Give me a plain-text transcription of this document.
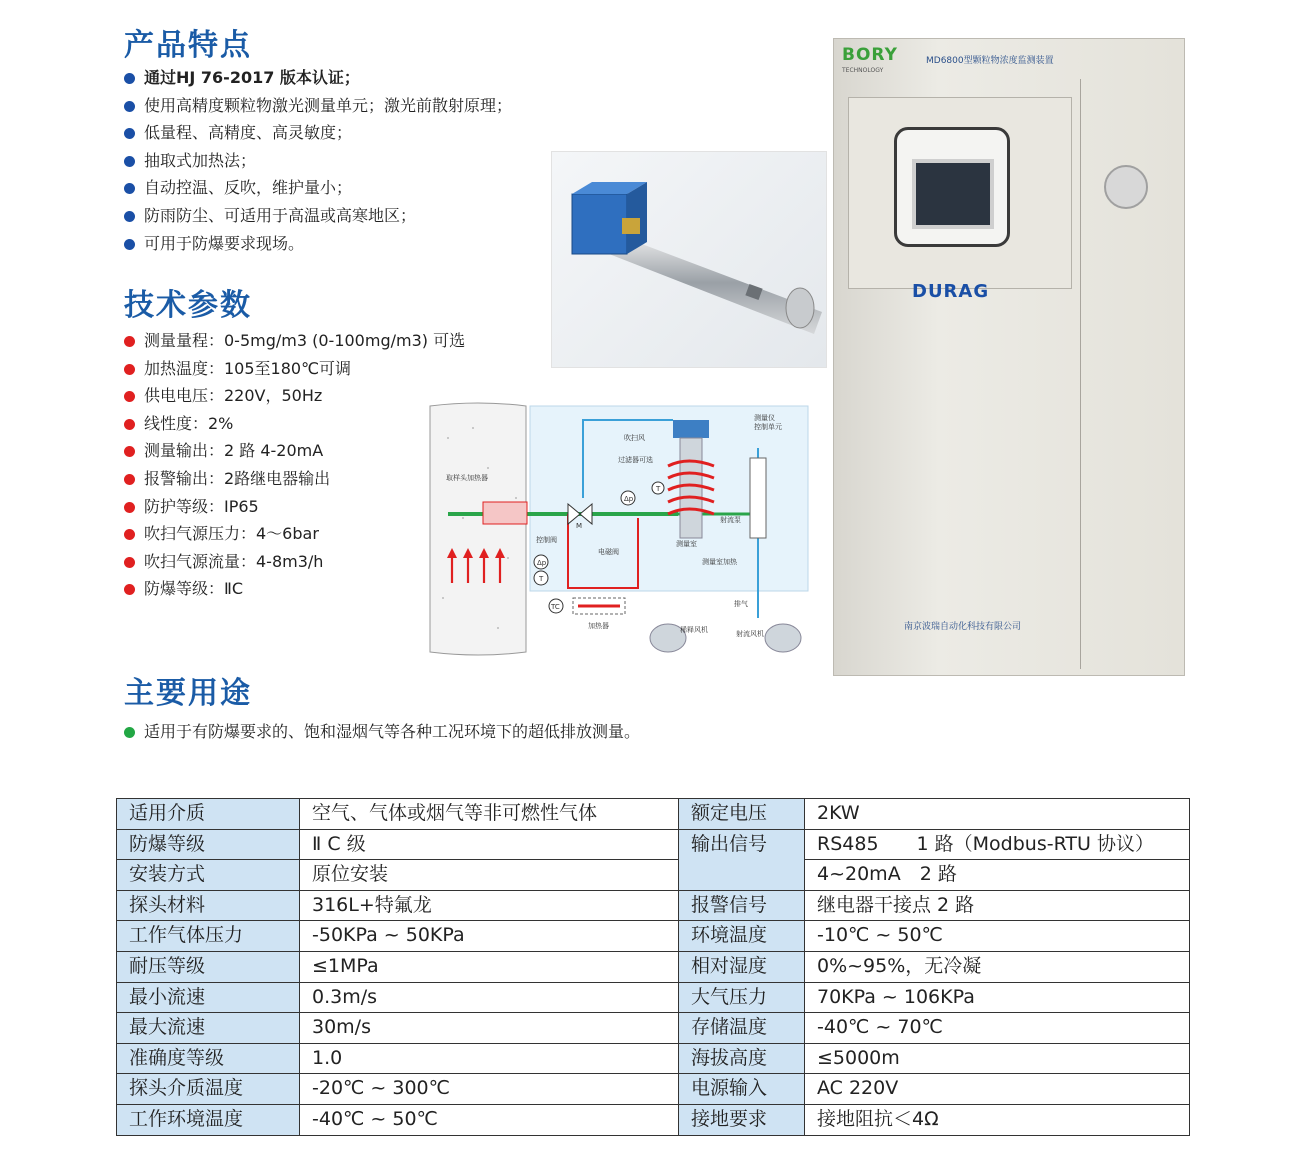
产品特点
技术参数
主要用途
通过HJ 76-2017 版本认证；
使用高精度颗粒物激光测量单元；激光前散射原理；
低量程、高精度、高灵敏度；
抽取式加热法；
自动控温、反吹，维护量小；
防雨防尘、可适用于高温或高寒地区；
可用于防爆要求现场。
测量量程：0-5mg/m3 (0-100mg/m3) 可选
加热温度：105至180℃可调
供电电压：220V，50Hz
线性度：2%
测量输出：2 路 4-20mA
报警输出：2路继电器输出
防护等级：IP65
吹扫气源压力：4～6bar
吹扫气源流量：4-8m3/h
防爆等级：ⅡC
适用于有防爆要求的、饱和湿烟气等各种工况环境下的超低排放测量。
吹扫风
过滤器可选
测量仪
控制单元
取样头加热器
控制阀
电磁阀
测量室
测量室加热
射流泵
加热器	稀释风机
排气
射流风机
Δp
T
Δp
T
TC
M
BORY
TECHNOLOGY
MD6800型颗粒物浓度监测装置
南京波瑞自动化科技有限公司
DURAG
适用介质	空气、气体或烟气等非可燃性气体	额定电压	2KW
防爆等级	Ⅱ C 级	输出信号	RS485　　1 路（Modbus-RTU 协议）
安装方式	原位安装		4~20mA　2 路
探头材料	316L+特氟龙	报警信号	继电器干接点 2 路
工作气体压力	-50KPa ~ 50KPa	环境温度	-10℃ ~ 50℃
耐压等级	≤1MPa	相对湿度	0%~95%，无冷凝
最小流速	0.3m/s	大气压力	70KPa ~ 106KPa
最大流速	30m/s	存储温度	-40℃ ~ 70℃
准确度等级	1.0	海拔高度	≤5000m
探头介质温度	-20℃ ~ 300℃	电源输入	AC 220V
工作环境温度	-40℃ ~ 50℃	接地要求	接地阻抗＜4Ω
